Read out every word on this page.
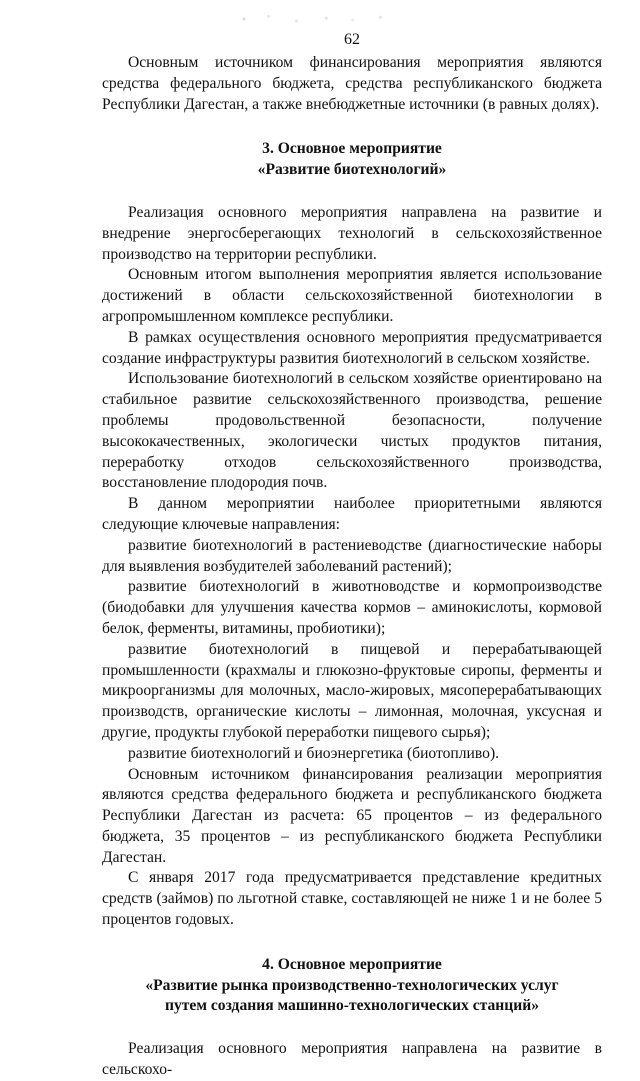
62

Основным источником финансирования мероприятия являются средства федерального бюджета, средства республиканского бюджета Республики Дагестан, а также внебюджетные источники (в равных долях).

3. Основное мероприятие

«Развитие биотехнологий»

Реализация основного мероприятия направлена на развитие и внедрение энергосберегающих технологий в сельскохозяйственное производство на территории республики.

Основным итогом выполнения мероприятия является использование достижений в области сельскохозяйственной биотехнологии в агропромышленном комплексе республики.

В рамках осуществления основного мероприятия предусматривается создание инфраструктуры развития биотехнологий в сельском хозяйстве.

Использование биотехнологий в сельском хозяйстве ориентировано на стабильное развитие сельскохозяйственного производства, решение проблемы продовольственной безопасности, получение высококачественных, экологически чистых продуктов питания, переработку отходов сельскохозяйственного производства, восстановление плодородия почв.

В данном мероприятии наиболее приоритетными являются следующие ключевые направления:

развитие биотехнологий в растениеводстве (диагностические наборы для выявления возбудителей заболеваний растений);

развитие биотехнологий в животноводстве и кормопроизводстве (биодобавки для улучшения качества кормов – аминокислоты, кормовой белок, ферменты, витамины, пробиотики);

развитие биотехнологий в пищевой и перерабатывающей промышленности (крахмалы и глюкозно-фруктовые сиропы, ферменты и микроорганизмы для молочных, масло-жировых, мясоперерабатывающих производств, органические кислоты – лимонная, молочная, уксусная и другие, продукты глубокой переработки пищевого сырья);

развитие биотехнологий и биоэнергетика (биотопливо).

Основным источником финансирования реализации мероприятия являются средства федерального бюджета и республиканского бюджета Республики Дагестан из расчета: 65 процентов – из федерального бюджета, 35 процентов – из республиканского бюджета Республики Дагестан.

С января 2017 года предусматривается представление кредитных средств (займов) по льготной ставке, составляющей не ниже 1 и не более 5 процентов годовых.

4. Основное мероприятие

«Развитие рынка производственно-технологических услуг

путем создания машинно-технологических станций»

Реализация основного мероприятия направлена на развитие в сельскохо-
